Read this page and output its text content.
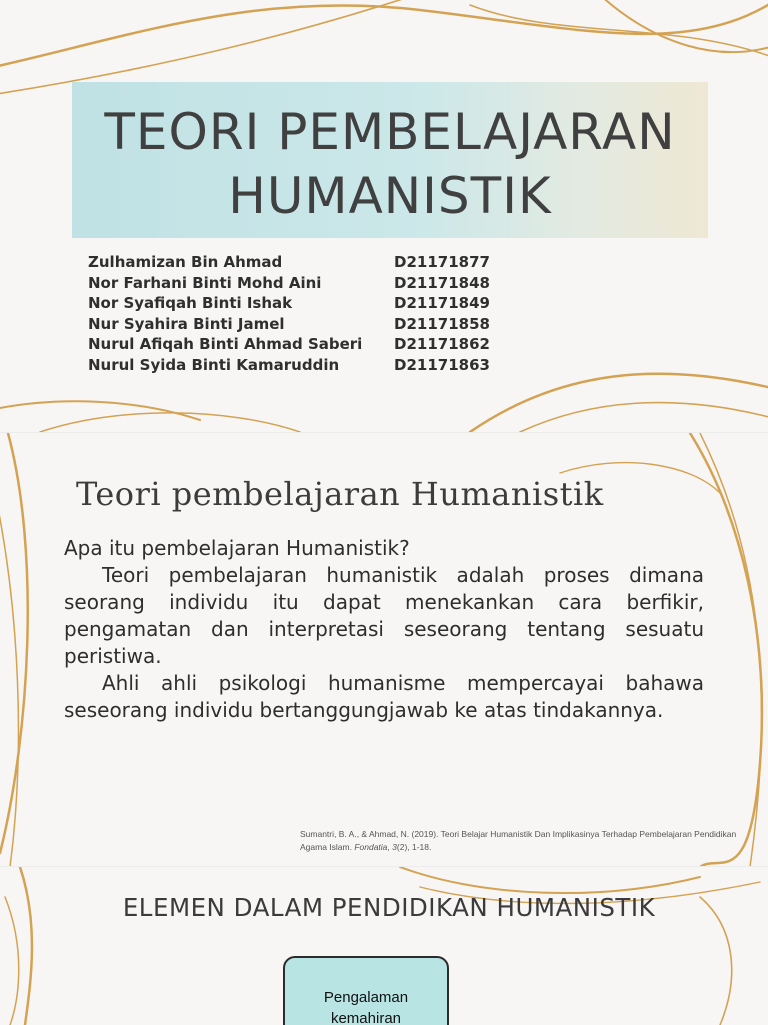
TEORI PEMBELAJARAN
HUMANISTIK
Zulhamizan Bin Ahmad	D21171877
Nor Farhani Binti Mohd Aini	D21171848
Nor Syafiqah Binti Ishak	D21171849
Nur Syahira Binti Jamel	D21171858
Nurul Afiqah Binti Ahmad Saberi	D21171862
Nurul Syida Binti Kamaruddin	D21171863
Teori pembelajaran Humanistik

Apa itu pembelajaran Humanistik?

Teori pembelajaran humanistik adalah proses dimana seorang individu itu dapat menekankan cara berfikir, pengamatan dan interpretasi seseorang tentang sesuatu peristiwa.

Ahli ahli psikologi humanisme mempercayai bahawa seseorang individu bertanggungjawab ke atas tindakannya.

Sumantri, B. A., & Ahmad, N. (2019). Teori Belajar Humanistik Dan Implikasinya Terhadap Pembelajaran Pendidikan Agama Islam. Fondatia, 3(2), 1-18.
ELEMEN DALAM PENDIDIKAN HUMANISTIK
Pengalaman
kemahiran
